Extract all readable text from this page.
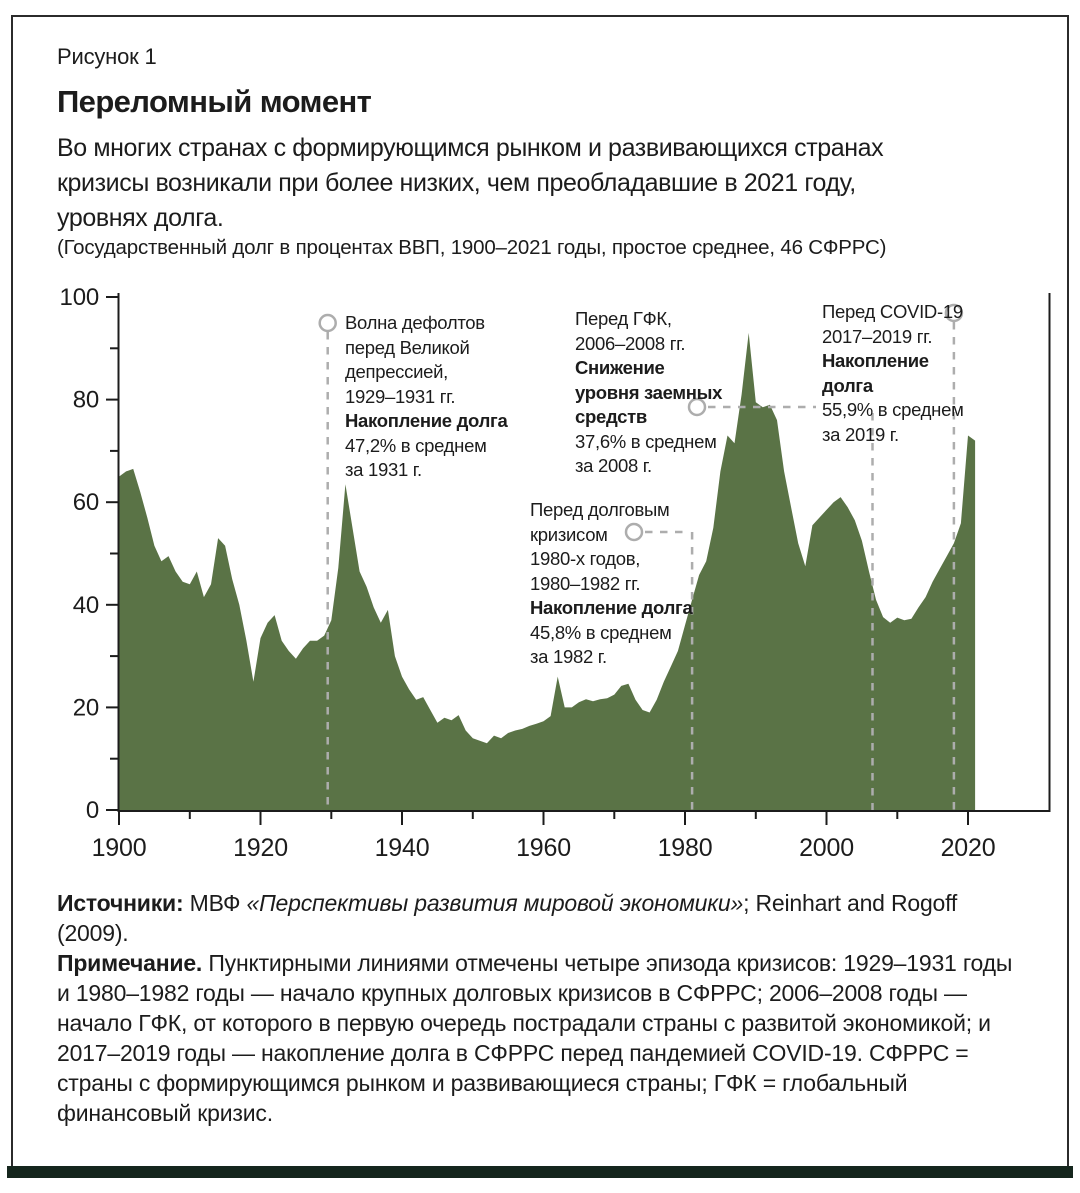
Рисунок 1
Переломный момент
Во многих странах с формирующимся рынком и развивающихся странах
кризисы возникали при более низких, чем преобладавшие в 2021 году,
уровнях долга.
(Государственный долг в процентах ВВП, 1900–2021 годы, простое среднее, 46 СФРРС)
0
20
40
60
80
100
1900	1920	1940	1960	1980	2000	2020
Волна дефолтов
перед Великой
депрессией,
1929–1931 гг.
Накопление долга
47,2% в среднем
за 1931 г.
Перед долговым
кризисом
1980-х годов,
1980–1982 гг.
Накопление долга
45,8% в среднем
за 1982 г.
Перед ГФК,
2006–2008 гг.
Снижение
уровня заемных
средств
37,6% в среднем
за 2008 г.
Перед COVID-19
2017–2019 гг.
Накопление
долга
55,9% в среднем
за 2019 г.

Источники: МВФ «Перспективы развития мировой экономики»; Reinhart and Rogoff (2009).

Примечание. Пунктирными линиями отмечены четыре эпизода кризисов: 1929–1931 годы и 1980–1982 годы — начало крупных долговых кризисов в СФРРС; 2006–2008 годы — начало ГФК, от которого в первую очередь пострадали страны с развитой экономикой; и 2017–2019 годы — накопление долга в СФРРС перед пандемией COVID-19. СФРРС = страны с формирующимся рынком и развивающиеся страны; ГФК = глобальный финансовый кризис.
